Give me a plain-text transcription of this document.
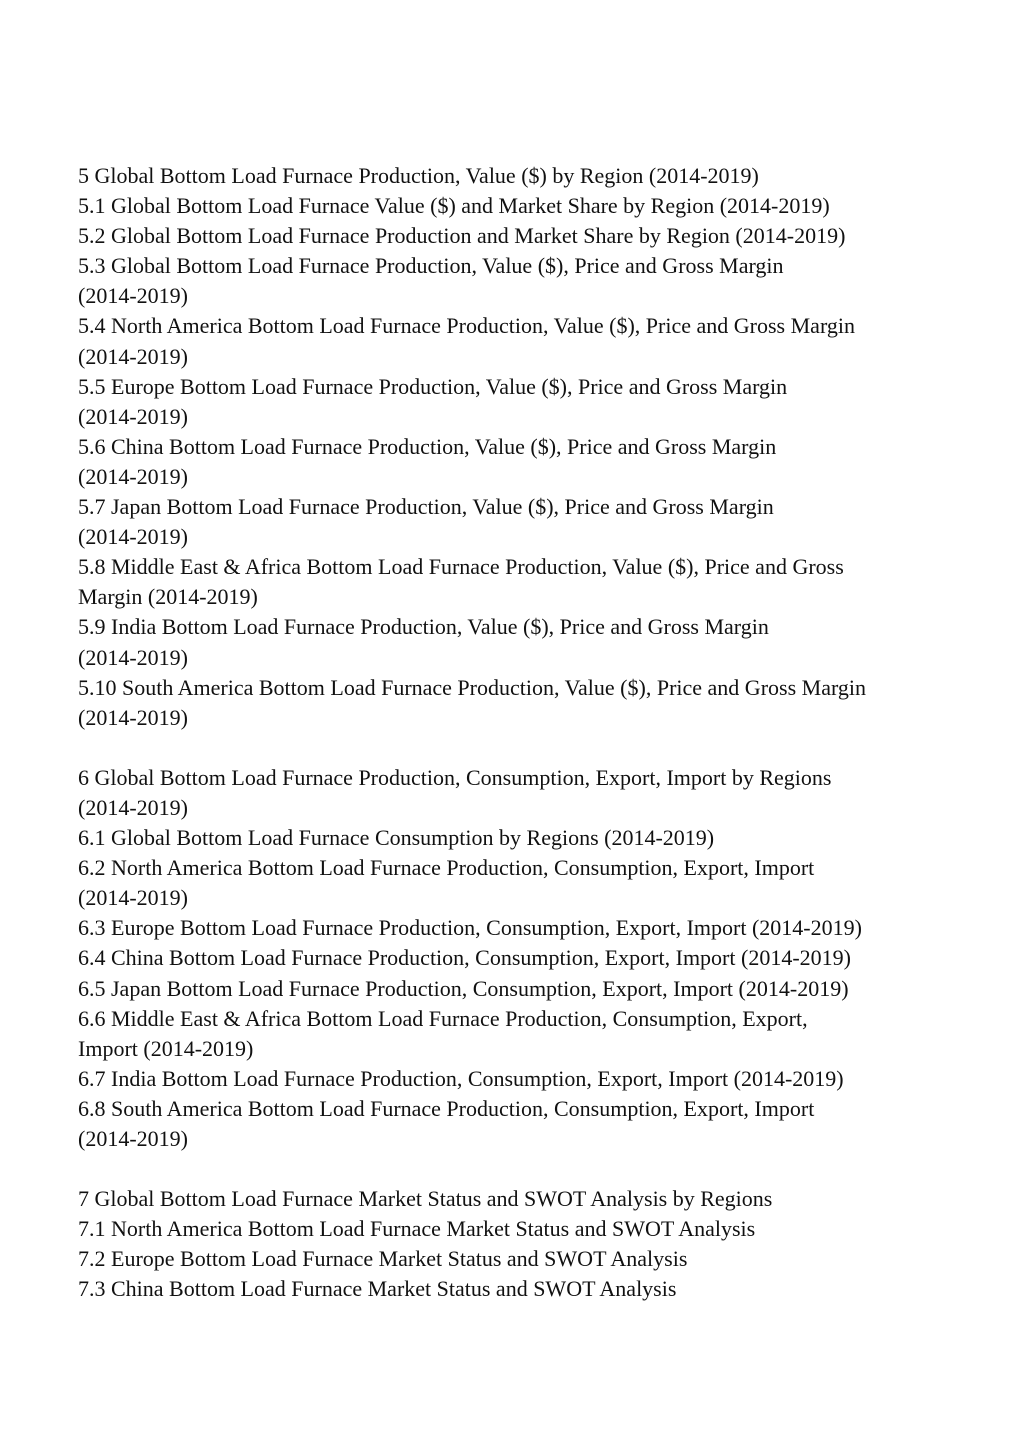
5 Global Bottom Load Furnace Production, Value ($) by Region (2014-2019)
5.1 Global Bottom Load Furnace Value ($) and Market Share by Region (2014-2019)
5.2 Global Bottom Load Furnace Production and Market Share by Region (2014-2019)
5.3 Global Bottom Load Furnace Production, Value ($), Price and Gross Margin
(2014-2019)
5.4 North America Bottom Load Furnace Production, Value ($), Price and Gross Margin
(2014-2019)
5.5 Europe Bottom Load Furnace Production, Value ($), Price and Gross Margin
(2014-2019)
5.6 China Bottom Load Furnace Production, Value ($), Price and Gross Margin
(2014-2019)
5.7 Japan Bottom Load Furnace Production, Value ($), Price and Gross Margin
(2014-2019)
5.8 Middle East & Africa Bottom Load Furnace Production, Value ($), Price and Gross
Margin (2014-2019)
5.9 India Bottom Load Furnace Production, Value ($), Price and Gross Margin
(2014-2019)
5.10 South America Bottom Load Furnace Production, Value ($), Price and Gross Margin
(2014-2019)
6 Global Bottom Load Furnace Production, Consumption, Export, Import by Regions
(2014-2019)
6.1 Global Bottom Load Furnace Consumption by Regions (2014-2019)
6.2 North America Bottom Load Furnace Production, Consumption, Export, Import
(2014-2019)
6.3 Europe Bottom Load Furnace Production, Consumption, Export, Import (2014-2019)
6.4 China Bottom Load Furnace Production, Consumption, Export, Import (2014-2019)
6.5 Japan Bottom Load Furnace Production, Consumption, Export, Import (2014-2019)
6.6 Middle East & Africa Bottom Load Furnace Production, Consumption, Export,
Import (2014-2019)
6.7 India Bottom Load Furnace Production, Consumption, Export, Import (2014-2019)
6.8 South America Bottom Load Furnace Production, Consumption, Export, Import
(2014-2019)
7 Global Bottom Load Furnace Market Status and SWOT Analysis by Regions
7.1 North America Bottom Load Furnace Market Status and SWOT Analysis
7.2 Europe Bottom Load Furnace Market Status and SWOT Analysis
7.3 China Bottom Load Furnace Market Status and SWOT Analysis
